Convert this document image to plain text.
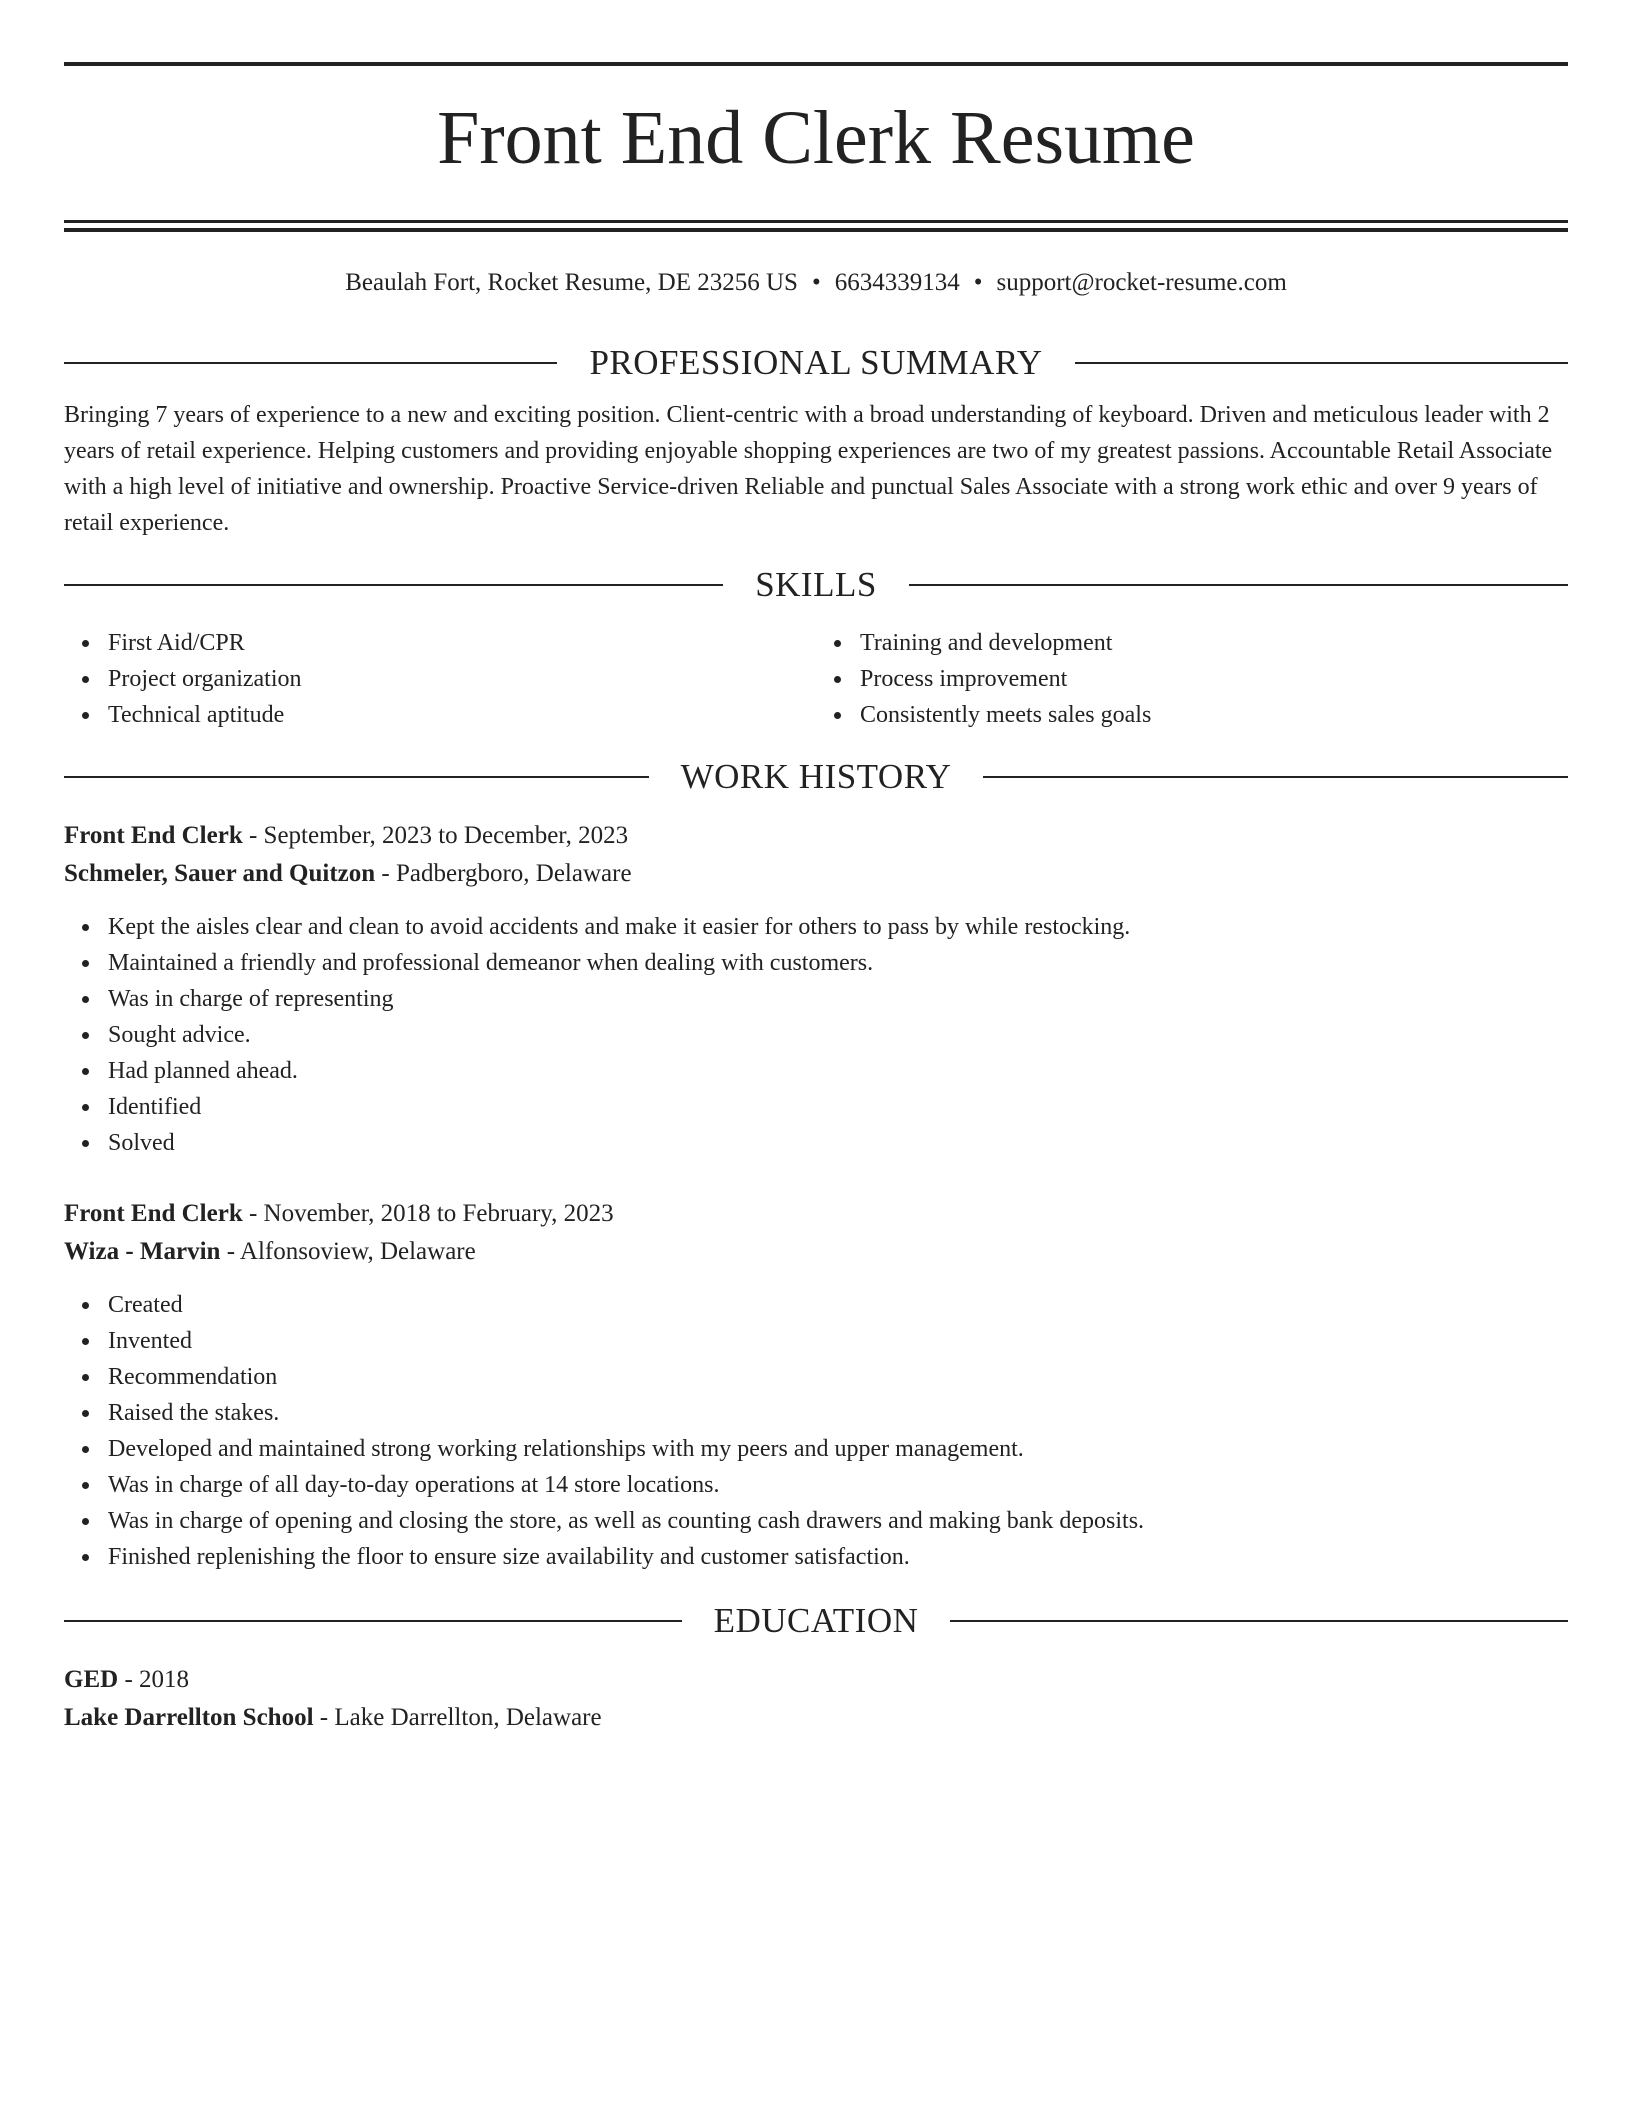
Front End Clerk Resume
Beaulah Fort, Rocket Resume, DE 23256 US • 6634339134 • support@rocket-resume.com
PROFESSIONAL SUMMARY

Bringing 7 years of experience to a new and exciting position. Client-centric with a broad understanding of keyboard. Driven and meticulous leader with 2 years of retail experience. Helping customers and providing enjoyable shopping experiences are two of my greatest passions. Accountable Retail Associate with a high level of initiative and ownership. Proactive Service-driven Reliable and punctual Sales Associate with a strong work ethic and over 9 years of retail experience.

SKILLS
First Aid/CPR
Project organization
Technical aptitude
Training and development
Process improvement
Consistently meets sales goals
WORK HISTORY
Front End Clerk - September, 2023 to December, 2023
Schmeler, Sauer and Quitzon - Padbergboro, Delaware
Kept the aisles clear and clean to avoid accidents and make it easier for others to pass by while restocking.
Maintained a friendly and professional demeanor when dealing with customers.
Was in charge of representing
Sought advice.
Had planned ahead.
Identified
Solved
Front End Clerk - November, 2018 to February, 2023
Wiza - Marvin - Alfonsoview, Delaware
Created
Invented
Recommendation
Raised the stakes.
Developed and maintained strong working relationships with my peers and upper management.
Was in charge of all day-to-day operations at 14 store locations.
Was in charge of opening and closing the store, as well as counting cash drawers and making bank deposits.
Finished replenishing the floor to ensure size availability and customer satisfaction.
EDUCATION
GED - 2018
Lake Darrellton School - Lake Darrellton, Delaware
